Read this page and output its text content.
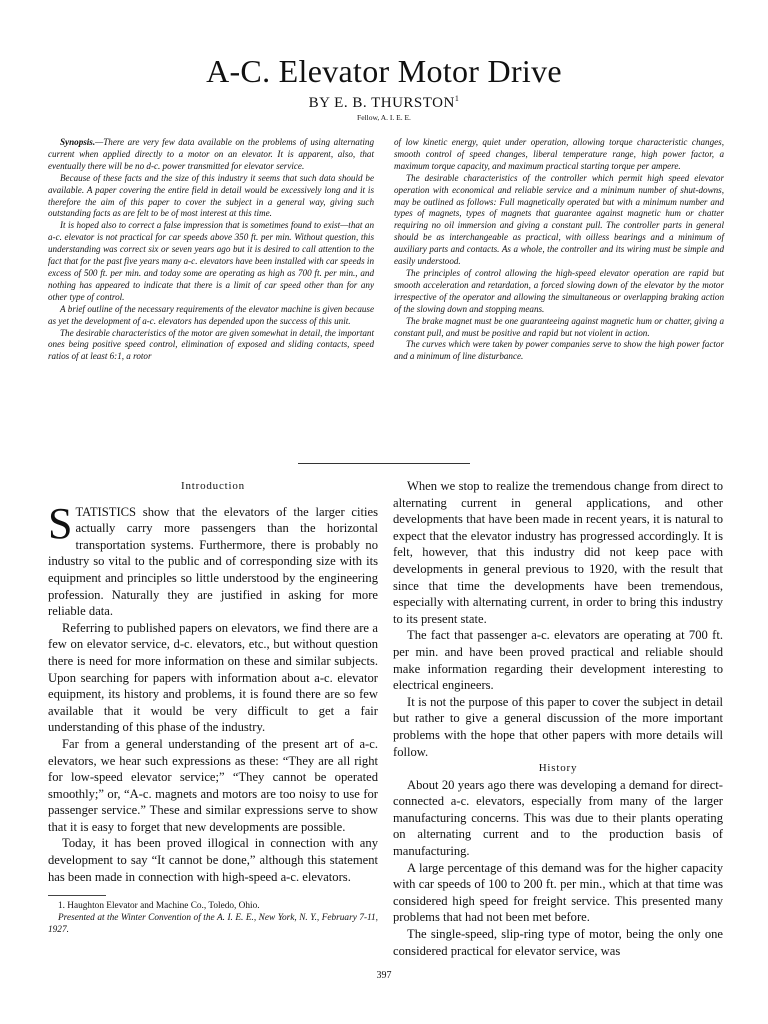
A-C. Elevator Motor Drive
BY E. B. THURSTON$^1$
Fellow, A. I. E. E.

Synopsis.—There are very few data available on the problems of using alternating current when applied directly to a motor on an elevator. It is apparent, also, that eventually there will be no d-c. power transmitted for elevator service.

Because of these facts and the size of this industry it seems that such data should be available. A paper covering the entire field in detail would be excessively long and it is therefore the aim of this paper to cover the subject in a general way, giving such outstanding facts as are felt to be of most interest at this time.

It is hoped also to correct a false impression that is sometimes found to exist—that an a-c. elevator is not practical for car speeds above 350 ft. per min. Without question, this understanding was correct six or seven years ago but it is desired to call attention to the fact that for the past five years many a-c. elevators have been installed with car speeds in excess of 500 ft. per min. and today some are operating as high as 700 ft. per min., and nothing has appeared to indicate that there is a limit of car speed other than for any other type of control.

A brief outline of the necessary requirements of the elevator machine is given because as yet the development of a-c. elevators has depended upon the success of this unit.

The desirable characteristics of the motor are given somewhat in detail, the important ones being positive speed control, elimination of exposed and sliding contacts, speed ratios of at least 6:1, a rotor

of low kinetic energy, quiet under operation, allowing torque characteristic changes, smooth control of speed changes, liberal temperature range, high power factor, a maximum torque capacity, and maximum practical starting torque per ampere.

The desirable characteristics of the controller which permit high speed elevator operation with economical and reliable service and a minimum number of shut-downs, may be outlined as follows: Full magnetically operated but with a minimum number and types of magnets, types of magnets that guarantee against magnetic hum or chatter requiring no oil immersion and giving a constant pull. The controller parts in general should be as interchangeable as practical, with oilless bearings and a minimum of auxiliary parts and contacts. As a whole, the controller and its wiring must be simple and easily understood.

The principles of control allowing the high-speed elevator operation are rapid but smooth acceleration and retardation, a forced slowing down of the elevator by the motor irrespective of the operator and allowing the simultaneous or overlapping braking action of the slowing down and stopping means.

The brake magnet must be one guaranteeing against magnetic hum or chatter, giving a constant pull, and must be positive and rapid but not violent in action.

The curves which were taken by power companies serve to show the high power factor and a minimum of line disturbance.

Introduction

STATISTICS show that the elevators of the larger cities actually carry more passengers than the horizontal transportation systems. Furthermore, there is probably no industry so vital to the public and of corresponding size with its equipment and principles so little understood by the engineering profession. Naturally they are justified in asking for more reliable data.

Referring to published papers on elevators, we find there are a few on elevator service, d-c. elevators, etc., but without question there is need for more information on these and similar subjects. Upon searching for papers with information about a-c. elevator equipment, its history and problems, it is found there are so few available that it would be very difficult to get a fair understanding of this phase of the industry.

Far from a general understanding of the present art of a-c. elevators, we hear such expressions as these: “They are all right for low-speed elevator service;” “They cannot be operated smoothly;” or, “A-c. magnets and motors are too noisy to use for passenger service.” These and similar expressions serve to show that it is easy to forget that new developments are possible.

Today, it has been proved illogical in connection with any development to say “It cannot be done,” although this statement has been made in connection with high-speed a-c. elevators.

1. Haughton Elevator and Machine Co., Toledo, Ohio.

Presented at the Winter Convention of the A. I. E. E., New York, N. Y., February 7-11, 1927.

When we stop to realize the tremendous change from direct to alternating current in general applications, and other developments that have been made in recent years, it is natural to expect that the elevator industry has progressed accordingly. It is felt, however, that this industry did not keep pace with developments in general previous to 1920, with the result that since that time the developments have been tremendous, especially with alternating current, in order to bring this industry to its present state.

The fact that passenger a-c. elevators are operating at 700 ft. per min. and have been proved practical and reliable should make information regarding their development interesting to electrical engineers.

It is not the purpose of this paper to cover the subject in detail but rather to give a general discussion of the more important problems with the hope that other papers with more details will follow.

History

About 20 years ago there was developing a demand for direct-connected a-c. elevators, especially from many of the larger manufacturing concerns. This was due to their plants operating on alternating current and to the production basis of manufacturing.

A large percentage of this demand was for the higher capacity with car speeds of 100 to 200 ft. per min., which at that time was considered high speed for freight service. This presented many problems that had not been met before.

The single-speed, slip-ring type of motor, being the only one considered practical for elevator service, was

397
